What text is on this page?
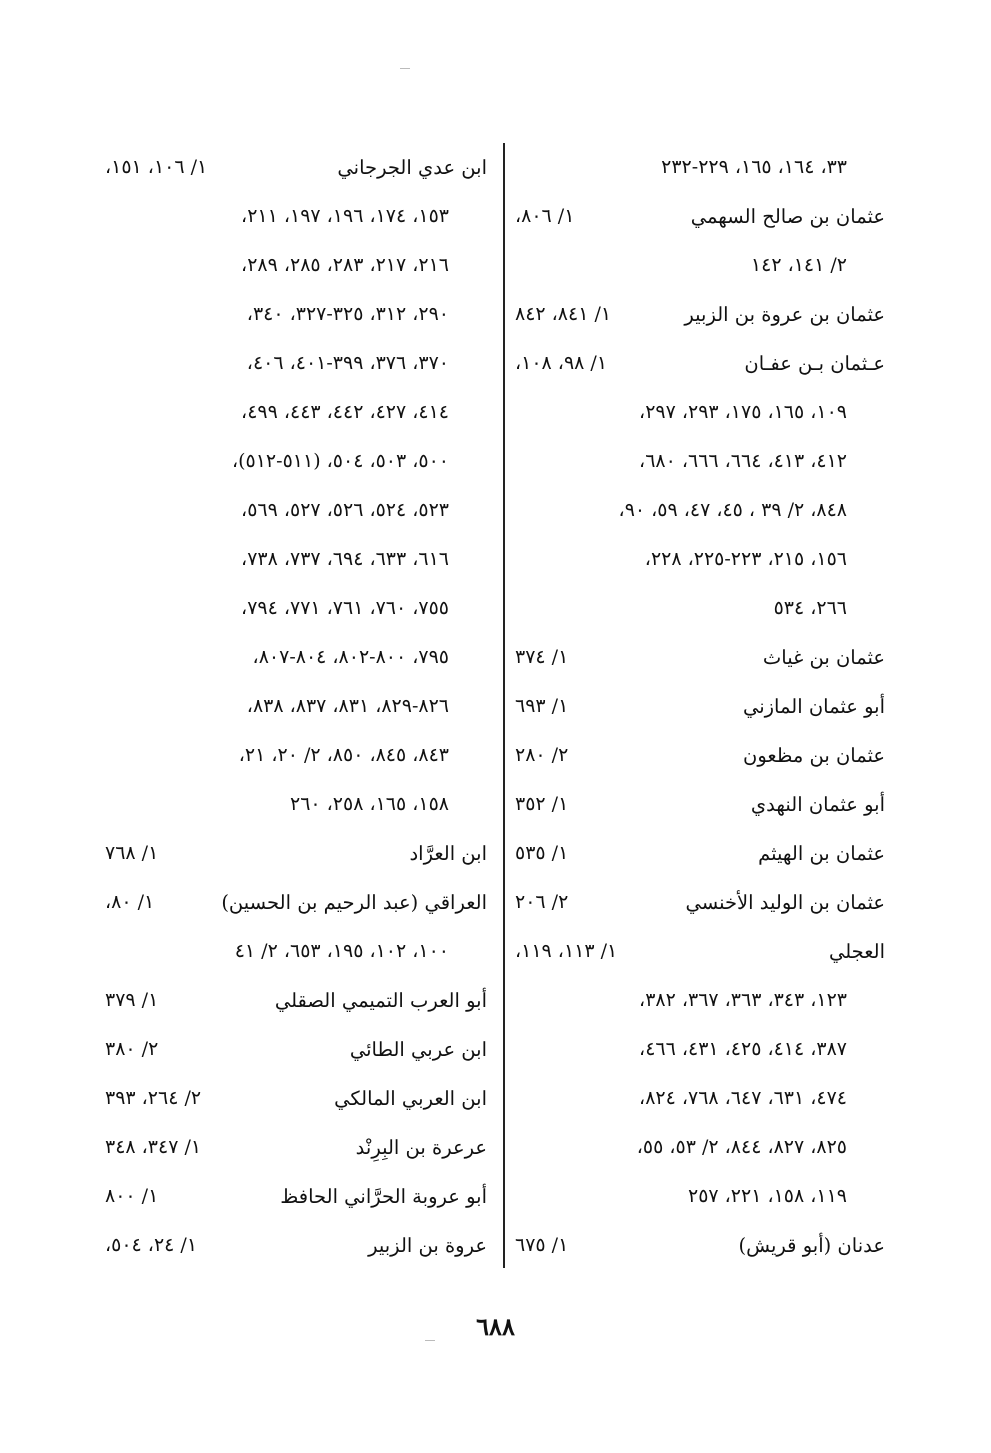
٣٣، ١٦٤، ١٦٥، ٢٢٩-٢٣٢
عثمان بن صالح السهمي
١/ ٨٠٦،
٢/ ١٤١، ١٤٢
عثمان بن عروة بن الزبير
١/ ٨٤١، ٨٤٢
عـثمان بـن عفـان
١/ ٩٨، ١٠٨،
١٠٩، ١٦٥، ١٧٥، ٢٩٣، ٢٩٧،
٤١٢، ٤١٣، ٦٦٤، ٦٦٦، ٦٨٠،
٨٤٨، ٢/ ٣٩ ، ٤٥، ٤٧، ٥٩، ٩٠،
١٥٦، ٢١٥، ٢٢٣-٢٢٥، ٢٢٨،
٢٦٦، ٥٣٤
عثمان بن غياث
١/ ٣٧٤
أبو عثمان المازني
١/ ٦٩٣
عثمان بن مظعون
٢/ ٢٨٠
أبو عثمان النهدي
١/ ٣٥٢
عثمان بن الهيثم
١/ ٥٣٥
عثمان بن الوليد الأخنسي
٢/ ٢٠٦
العجلي
١/ ١١٣، ١١٩،
١٢٣، ٣٤٣، ٣٦٣، ٣٦٧، ٣٨٢،
٣٨٧، ٤١٤، ٤٢٥، ٤٣١، ٤٦٦،
٤٧٤، ٦٣١، ٦٤٧، ٧٦٨، ٨٢٤،
٨٢٥، ٨٢٧، ٨٤٤، ٢/ ٥٣، ٥٥،
١١٩، ١٥٨، ٢٢١، ٢٥٧
عدنان (أبو قريش)
١/ ٦٧٥
ابن عدي الجرجاني
١/ ١٠٦، ١٥١،
١٥٣، ١٧٤، ١٩٦، ١٩٧، ٢١١،
٢١٦، ٢١٧، ٢٨٣، ٢٨٥، ٢٨٩،
٢٩٠، ٣١٢، ٣٢٥-٣٢٧، ٣٤٠،
٣٧٠، ٣٧٦، ٣٩٩-٤٠١، ٤٠٦،
٤١٤، ٤٢٧، ٤٤٢، ٤٤٣، ٤٩٩،
٥٠٠، ٥٠٣، ٥٠٤، (٥١١-٥١٢)،
٥٢٣، ٥٢٤، ٥٢٦، ٥٢٧، ٥٦٩،
٦١٦، ٦٣٣، ٦٩٤، ٧٣٧، ٧٣٨،
٧٥٥، ٧٦٠، ٧٦١، ٧٧١، ٧٩٤،
٧٩٥، ٨٠٠-٨٠٢، ٨٠٤-٨٠٧،
٨٢٦-٨٢٩، ٨٣١، ٨٣٧، ٨٣٨،
٨٤٣، ٨٤٥، ٨٥٠، ٢/ ٢٠، ٢١،
١٥٨، ١٦٥، ٢٥٨، ٢٦٠
ابن العرَّاد
١/ ٧٦٨
العراقي (عبد الرحيم بن الحسين)
١/ ٨٠،
١٠٠، ١٠٢، ١٩٥، ٦٥٣، ٢/ ٤١
أبو العرب التميمي الصقلي
١/ ٣٧٩
ابن عربي الطائي
٢/ ٣٨٠
ابن العربي المالكي
٢/ ٢٦٤، ٣٩٣
عرعرة بن البِرِنْد
١/ ٣٤٧، ٣٤٨
أبو عروبة الحرَّاني الحافظ
١/ ٨٠٠
عروة بن الزبير
١/ ٢٤، ٥٠٤،
٦٨٨
